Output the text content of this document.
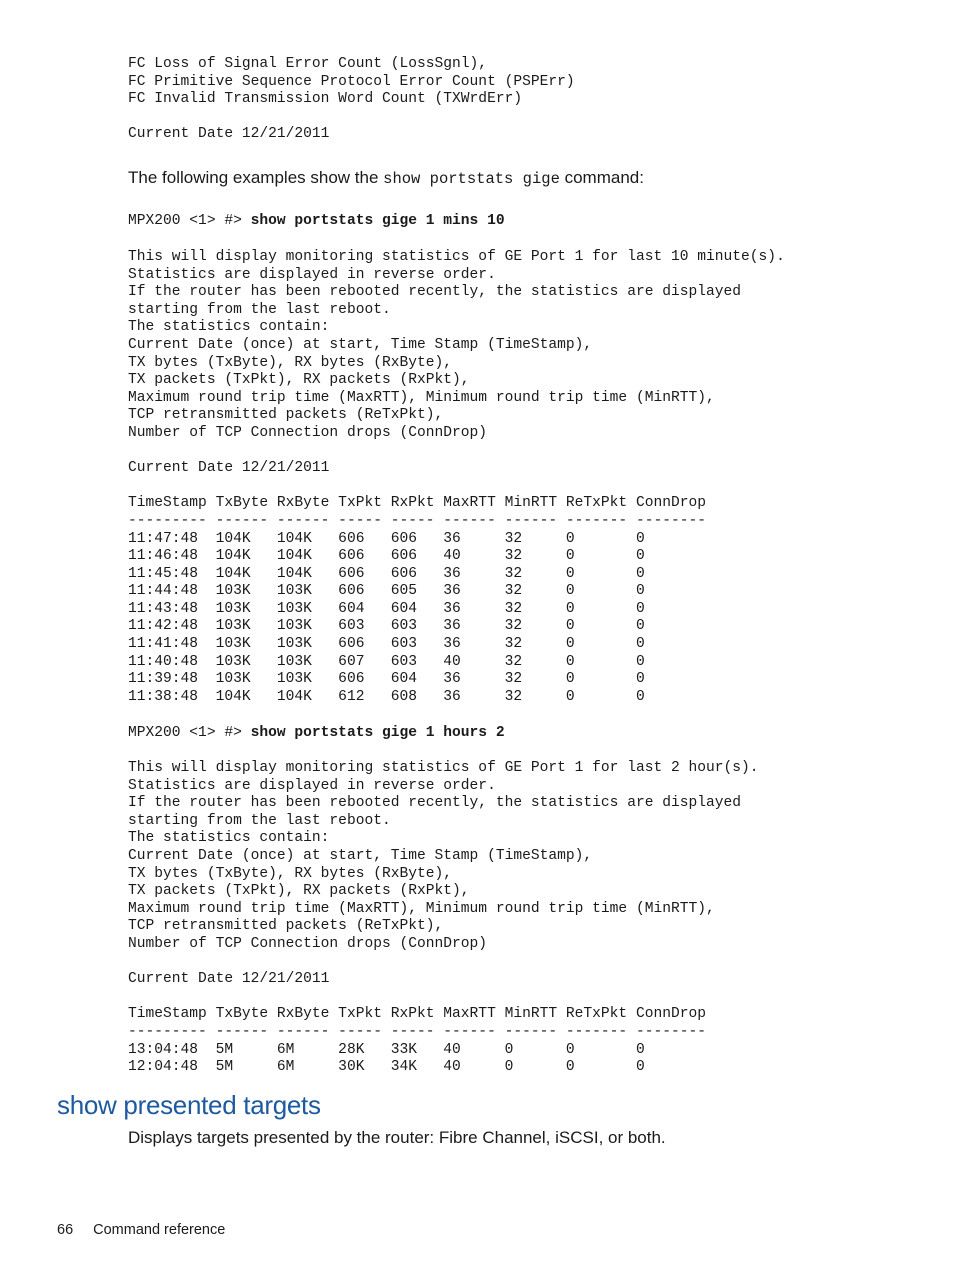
FC Loss of Signal Error Count (LossSgnl),
FC Primitive Sequence Protocol Error Count (PSPErr)
FC Invalid Transmission Word Count (TXWrdErr)

Current Date 12/21/2011
The following examples show the show portstats gige command:
MPX200 <1> #> show portstats gige 1 mins 10
This will display monitoring statistics of GE Port 1 for last 10 minute(s).
Statistics are displayed in reverse order.
If the router has been rebooted recently, the statistics are displayed
starting from the last reboot.
The statistics contain:
Current Date (once) at start, Time Stamp (TimeStamp),
TX bytes (TxByte), RX bytes (RxByte),
TX packets (TxPkt), RX packets (RxPkt),
Maximum round trip time (MaxRTT), Minimum round trip time (MinRTT),
TCP retransmitted packets (ReTxPkt),
Number of TCP Connection drops (ConnDrop)

Current Date 12/21/2011

TimeStamp TxByte RxByte TxPkt RxPkt MaxRTT MinRTT ReTxPkt ConnDrop
--------- ------ ------ ----- ----- ------ ------ ------- --------
11:47:48  104K   104K   606   606   36     32     0       0
11:46:48  104K   104K   606   606   40     32     0       0
11:45:48  104K   104K   606   606   36     32     0       0
11:44:48  103K   103K   606   605   36     32     0       0
11:43:48  103K   103K   604   604   36     32     0       0
11:42:48  103K   103K   603   603   36     32     0       0
11:41:48  103K   103K   606   603   36     32     0       0
11:40:48  103K   103K   607   603   40     32     0       0
11:39:48  103K   103K   606   604   36     32     0       0
11:38:48  104K   104K   612   608   36     32     0       0
MPX200 <1> #> show portstats gige 1 hours 2
This will display monitoring statistics of GE Port 1 for last 2 hour(s).
Statistics are displayed in reverse order.
If the router has been rebooted recently, the statistics are displayed
starting from the last reboot.
The statistics contain:
Current Date (once) at start, Time Stamp (TimeStamp),
TX bytes (TxByte), RX bytes (RxByte),
TX packets (TxPkt), RX packets (RxPkt),
Maximum round trip time (MaxRTT), Minimum round trip time (MinRTT),
TCP retransmitted packets (ReTxPkt),
Number of TCP Connection drops (ConnDrop)

Current Date 12/21/2011

TimeStamp TxByte RxByte TxPkt RxPkt MaxRTT MinRTT ReTxPkt ConnDrop
--------- ------ ------ ----- ----- ------ ------ ------- --------
13:04:48  5M     6M     28K   33K   40     0      0       0
12:04:48  5M     6M     30K   34K   40     0      0       0
show presented targets
Displays targets presented by the router: Fibre Channel, iSCSI, or both.
66 Command reference
